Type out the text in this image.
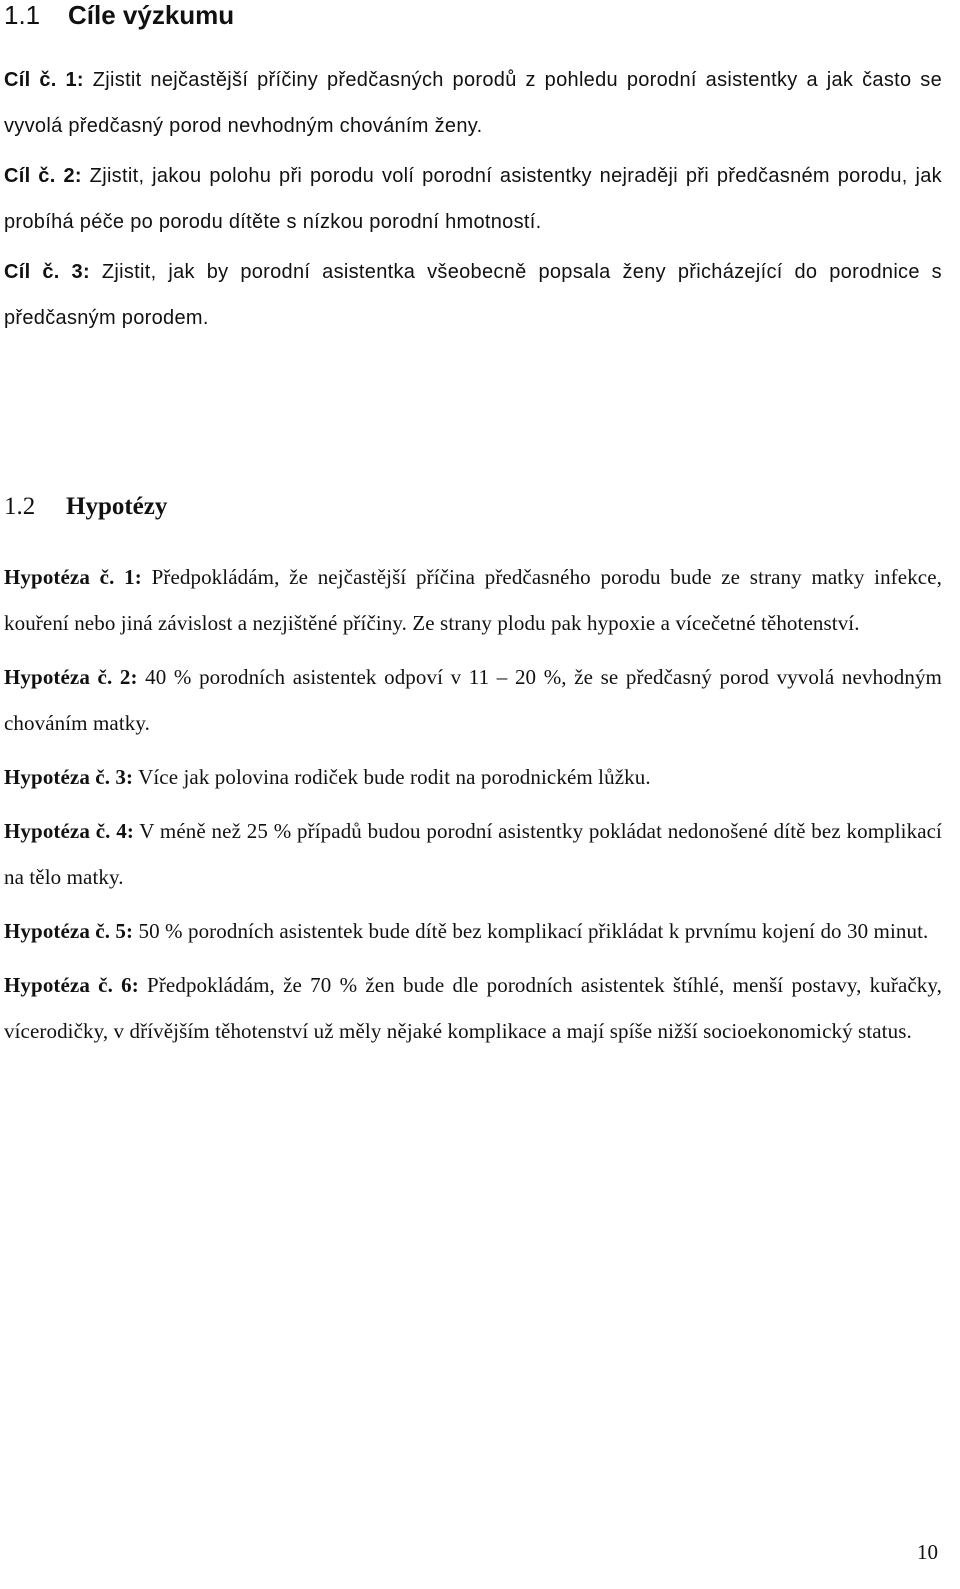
1.1	Cíle výzkumu

Cíl č. 1: Zjistit nejčastější příčiny předčasných porodů z pohledu porodní asistentky a jak často se vyvolá předčasný porod nevhodným chováním ženy.

Cíl č. 2: Zjistit, jakou polohu při porodu volí porodní asistentky nejraději při předčasném porodu, jak probíhá péče po porodu dítěte s nízkou porodní hmotností.

Cíl č. 3: Zjistit, jak by porodní asistentka všeobecně popsala ženy přicházející do porodnice s předčasným porodem.

1.2	Hypotézy

Hypotéza č. 1: Předpokládám, že nejčastější příčina předčasného porodu bude ze strany matky infekce, kouření nebo jiná závislost a nezjištěné příčiny. Ze strany plodu pak hypoxie a vícečetné těhotenství.

Hypotéza č. 2: 40 % porodních asistentek odpoví v 11 – 20 %, že se předčasný porod vyvolá nevhodným chováním matky.

Hypotéza č. 3: Více jak polovina rodiček bude rodit na porodnickém lůžku.

Hypotéza č. 4: V méně než 25 % případů budou porodní asistentky pokládat nedonošené dítě bez komplikací na tělo matky.

Hypotéza č. 5: 50 % porodních asistentek bude dítě bez komplikací přikládat k prvnímu kojení do 30 minut.

Hypotéza č. 6: Předpokládám, že 70 % žen bude dle porodních asistentek štíhlé, menší postavy, kuřačky, vícerodičky, v dřívějším těhotenství už měly nějaké komplikace a mají spíše nižší socioekonomický status.

10
